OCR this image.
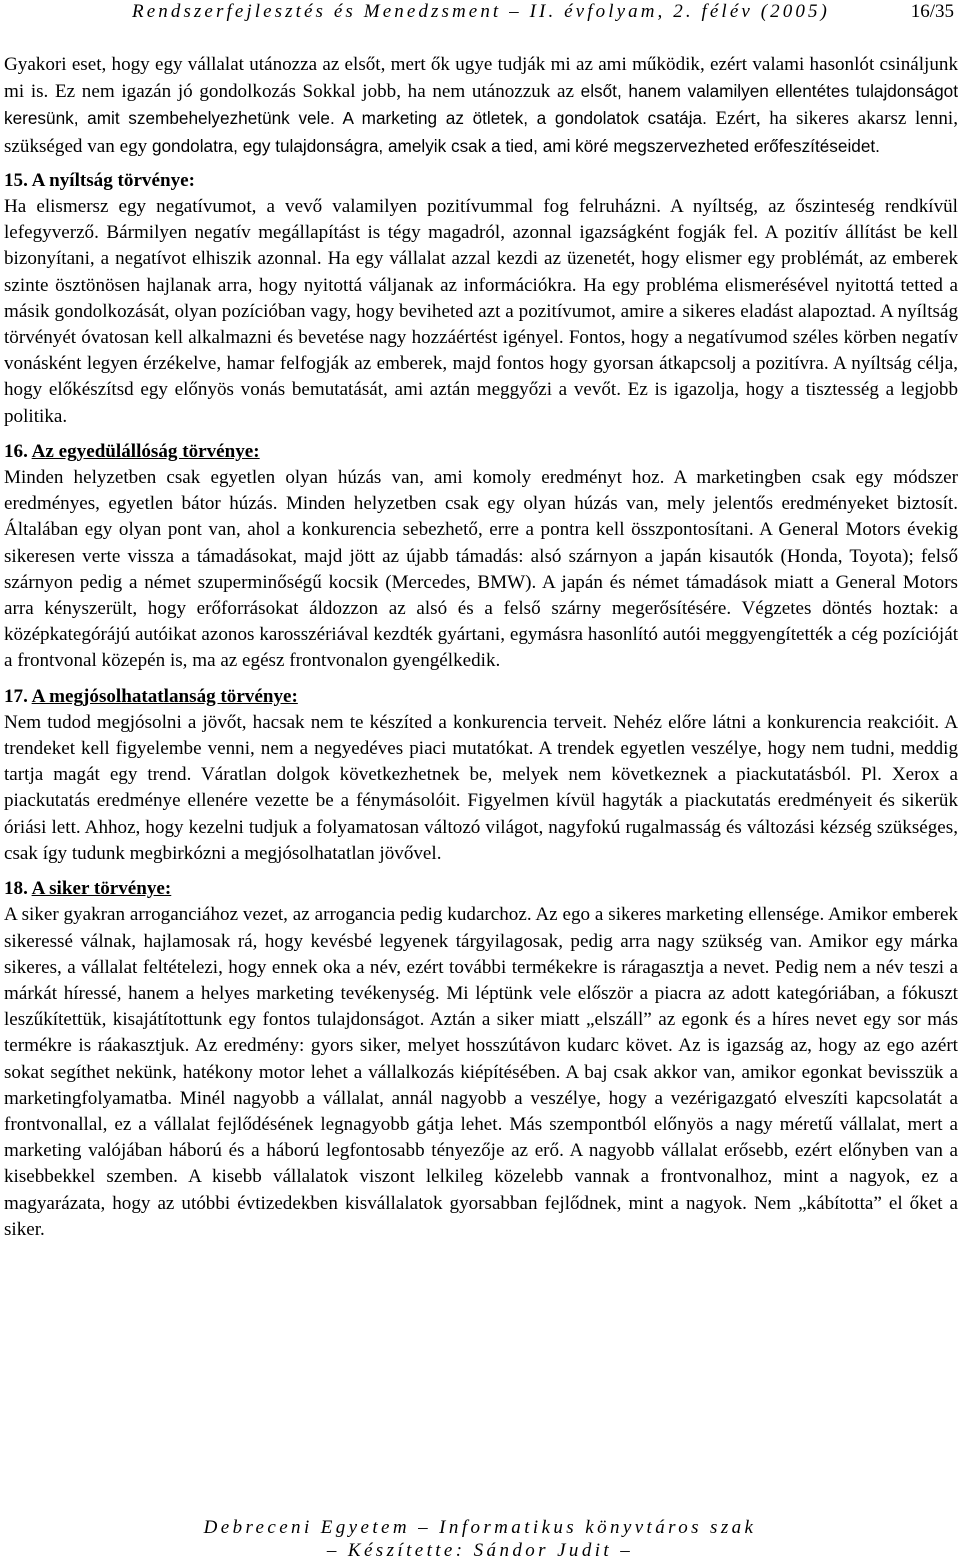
Rendszerfejlesztés és Menedzsment – II. évfolyam, 2. félév (2005)	16/35

Gyakori eset, hogy egy vállalat utánozza az elsőt, mert ők ugye tudják mi az ami működik, ezért valami hasonlót csináljunk mi is. Ez nem igazán jó gondolkozás Sokkal jobb, ha nem utánozzuk az elsőt, hanem valamilyen ellentétes tulajdonságot keresünk, amit szembehelyezhetünk vele. A marketing az ötletek, a gondolatok csatája. Ezért, ha sikeres akarsz lenni, szükséged van egy gondolatra, egy tulajdonságra, amelyik csak a tied, ami köré megszervezheted erőfeszítéseidet.

15. A nyíltság törvénye:

Ha elismersz egy negatívumot, a vevő valamilyen pozitívummal fog felruházni. A nyíltség, az őszinteség rendkívül lefegyverző. Bármilyen negatív megállapítást is tégy magadról, azonnal igazságként fogják fel. A pozitív állítást be kell bizonyítani, a negatívot elhiszik azonnal. Ha egy vállalat azzal kezdi az üzenetét, hogy elismer egy problémát, az emberek szinte ösztönösen hajlanak arra, hogy nyitottá váljanak az információkra. Ha egy probléma elismerésével nyitottá tetted a másik gondolkozását, olyan pozícióban vagy, hogy beviheted azt a pozitívumot, amire a sikeres eladást alapoztad. A nyíltság törvényét óvatosan kell alkalmazni és bevetése nagy hozzáértést igényel. Fontos, hogy a negatívumod széles körben negatív vonásként legyen érzékelve, hamar felfogják az emberek, majd fontos hogy gyorsan átkapcsolj a pozitívra. A nyíltság célja, hogy előkészítsd egy előnyös vonás bemutatását, ami aztán meggyőzi a vevőt. Ez is igazolja, hogy a tisztesség a legjobb politika.

16. Az egyedülállóság törvénye:

Minden helyzetben csak egyetlen olyan húzás van, ami komoly eredményt hoz. A marketingben csak egy módszer eredményes, egyetlen bátor húzás. Minden helyzetben csak egy olyan húzás van, mely jelentős eredményeket biztosít. Általában egy olyan pont van, ahol a konkurencia sebezhető, erre a pontra kell összpontosítani. A General Motors évekig sikeresen verte vissza a támadásokat, majd jött az újabb támadás: alsó szárnyon a japán kisautók (Honda, Toyota); felső szárnyon pedig a német szuperminőségű kocsik (Mercedes, BMW). A japán és német támadások miatt a General Motors arra kényszerült, hogy erőforrásokat áldozzon az alsó és a felső szárny megerősítésére. Végzetes döntés hoztak: a középkategórájú autóikat azonos karosszériával kezdték gyártani, egymásra hasonlító autói meggyengítették a cég pozícióját a frontvonal közepén is, ma az egész frontvonalon gyengélkedik.

17. A megjósolhatatlanság törvénye:

Nem tudod megjósolni a jövőt, hacsak nem te készíted a konkurencia terveit. Nehéz előre látni a konkurencia reakcióit. A trendeket kell figyelembe venni, nem a negyedéves piaci mutatókat. A trendek egyetlen veszélye, hogy nem tudni, meddig tartja magát egy trend. Váratlan dolgok következhetnek be, melyek nem következnek a piackutatásból. Pl. Xerox a piackutatás eredménye ellenére vezette be a fénymásolóit. Figyelmen kívül hagyták a piackutatás eredményeit és sikerük óriási lett. Ahhoz, hogy kezelni tudjuk a folyamatosan változó világot, nagyfokú rugalmasság és változási kézség szükséges, csak így tudunk megbirkózni a megjósolhatatlan jövővel.

18. A siker törvénye:

A siker gyakran arroganciához vezet, az arrogancia pedig kudarchoz. Az ego a sikeres marketing ellensége. Amikor emberek sikeressé válnak, hajlamosak rá, hogy kevésbé legyenek tárgyilagosak, pedig arra nagy szükség van. Amikor egy márka sikeres, a vállalat feltételezi, hogy ennek oka a név, ezért további termékekre is ráragasztja a nevet. Pedig nem a név teszi a márkát híressé, hanem a helyes marketing tevékenység. Mi léptünk vele először a piacra az adott kategóriában, a fókuszt leszűkítettük, kisajátítottunk egy fontos tulajdonságot. Aztán a siker miatt „elszáll” az egonk és a híres nevet egy sor más termékre is ráakasztjuk. Az eredmény: gyors siker, melyet hosszútávon kudarc követ. Az is igazság az, hogy az ego azért sokat segíthet nekünk, hatékony motor lehet a vállalkozás kiépítésében. A baj csak akkor van, amikor egonkat bevisszük a marketingfolyamatba. Minél nagyobb a vállalat, annál nagyobb a veszélye, hogy a vezérigazgató elveszíti kapcsolatát a frontvonallal, ez a vállalat fejlődésének legnagyobb gátja lehet. Más szempontból előnyös a nagy méretű vállalat, mert a marketing valójában háború és a háború legfontosabb tényezője az erő. A nagyobb vállalat erősebb, ezért előnyben van a kisebbekkel szemben. A kisebb vállalatok viszont lelkileg közelebb vannak a frontvonalhoz, mint a nagyok, ez a magyarázata, hogy az utóbbi évtizedekben kisvállalatok gyorsabban fejlődnek, mint a nagyok. Nem „kábította” el őket a siker.

Debreceni Egyetem – Informatikus könyvtáros szak
– Készítette: Sándor Judit –
